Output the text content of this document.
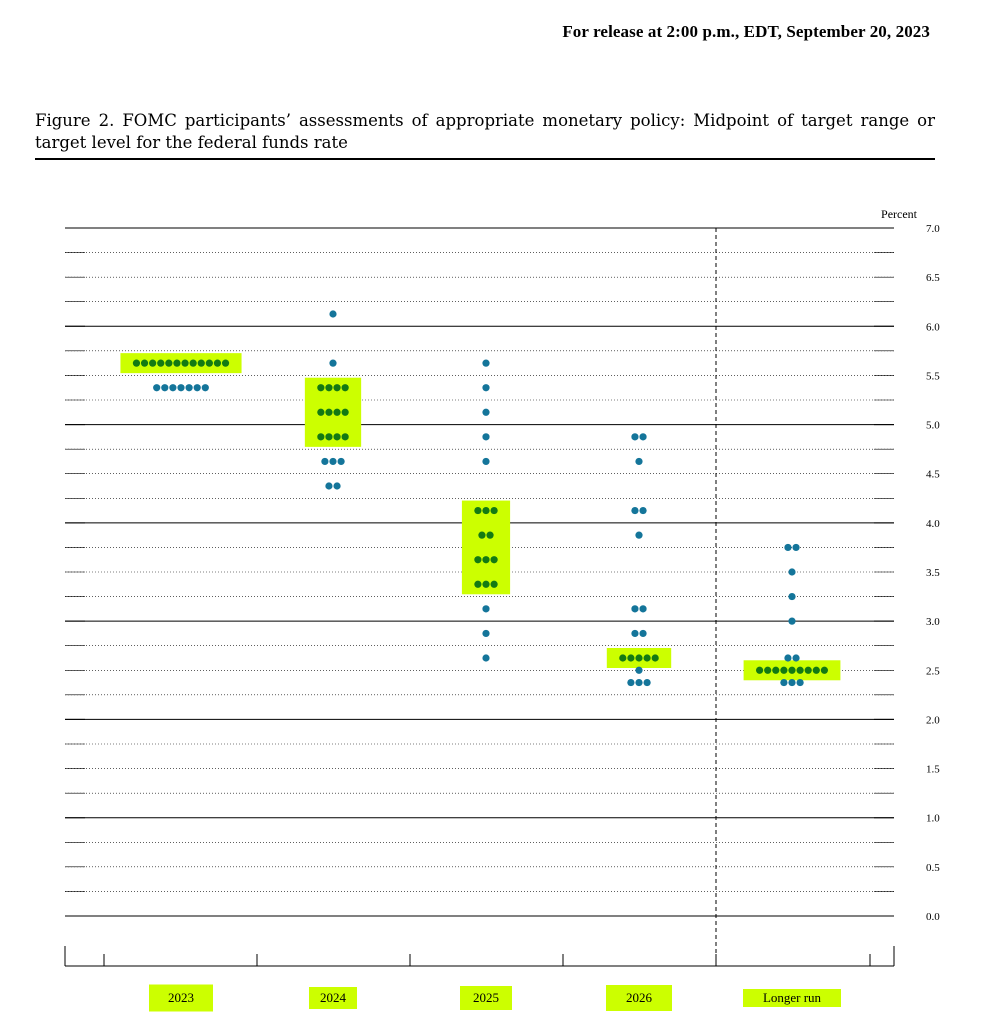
For release at 2:00 p.m., EDT, September 20, 2023
Figure 2. FOMC participants’ assessments of appropriate monetary policy: Midpoint of target range or target level for the federal funds rate
Percent
0.0
0.5
1.0
1.5
2.0
2.5
3.0
3.5
4.0
4.5
5.0
5.5
6.0
6.5
7.0
2023	2024	2025	2026	Longer run
